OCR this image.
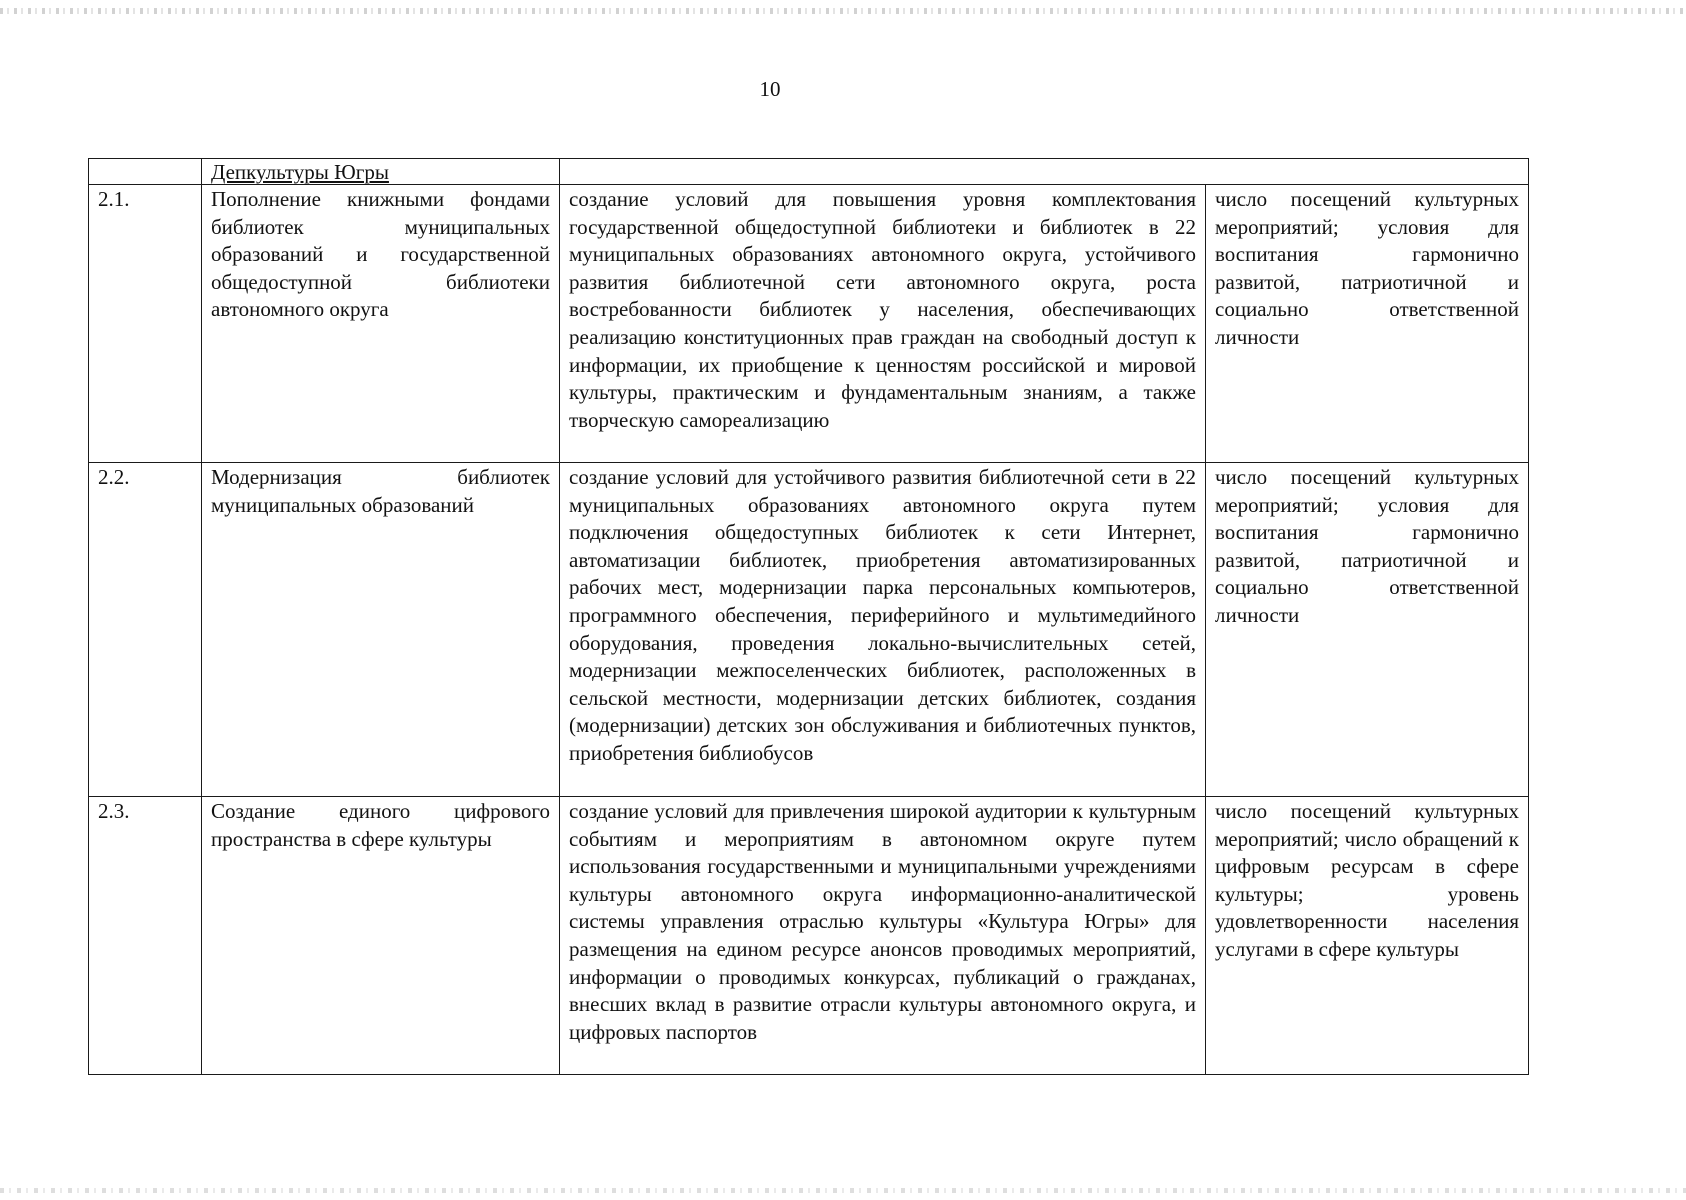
10
	Депкультуры Югры		
2.1.	Пополнение книжными фондами библиотек муниципальных образований и государственной общедоступной библиотеки автономного округа	создание условий для повышения уровня комплектования государственной общедоступной библиотеки и библиотек в 22 муниципальных образованиях автономного округа, устойчивого развития библиотечной сети автономного округа, роста востребованности библиотек у населения, обеспечивающих реализацию конституционных прав граждан на свободный доступ к информации, их приобщение к ценностям российской и мировой культуры, практическим и фундаментальным знаниям, а также творческую самореализацию	число посещений культурных мероприятий; условия для воспитания гармонично развитой, патриотичной и социально ответственной личности
2.2.	Модернизация библиотек муниципальных образований	создание условий для устойчивого развития библиотечной сети в 22 муниципальных образованиях автономного округа путем подключения общедоступных библиотек к сети Интернет, автоматизации библиотек, приобретения автоматизированных рабочих мест, модернизации парка персональных компьютеров, программного обеспечения, периферийного и мультимедийного оборудования, проведения локально-вычислительных сетей, модернизации межпоселенческих библиотек, расположенных в сельской местности, модернизации детских библиотек, создания (модернизации) детских зон обслуживания и библиотечных пунктов, приобретения библиобусов	число посещений культурных мероприятий; условия для воспитания гармонично развитой, патриотичной и социально ответственной личности
2.3.	Создание единого цифрового пространства в сфере культуры	создание условий для привлечения широкой аудитории к культурным событиям и мероприятиям в автономном округе путем использования государственными и муниципальными учреждениями культуры автономного округа информационно-аналитической системы управления отраслью культуры «Культура Югры» для размещения на едином ресурсе анонсов проводимых мероприятий, информации о проводимых конкурсах, публикаций о гражданах, внесших вклад в развитие отрасли культуры автономного округа, и цифровых паспортов	число посещений культурных мероприятий; число обращений к цифровым ресурсам в сфере культуры; уровень удовлетворенности населения услугами в сфере культуры
